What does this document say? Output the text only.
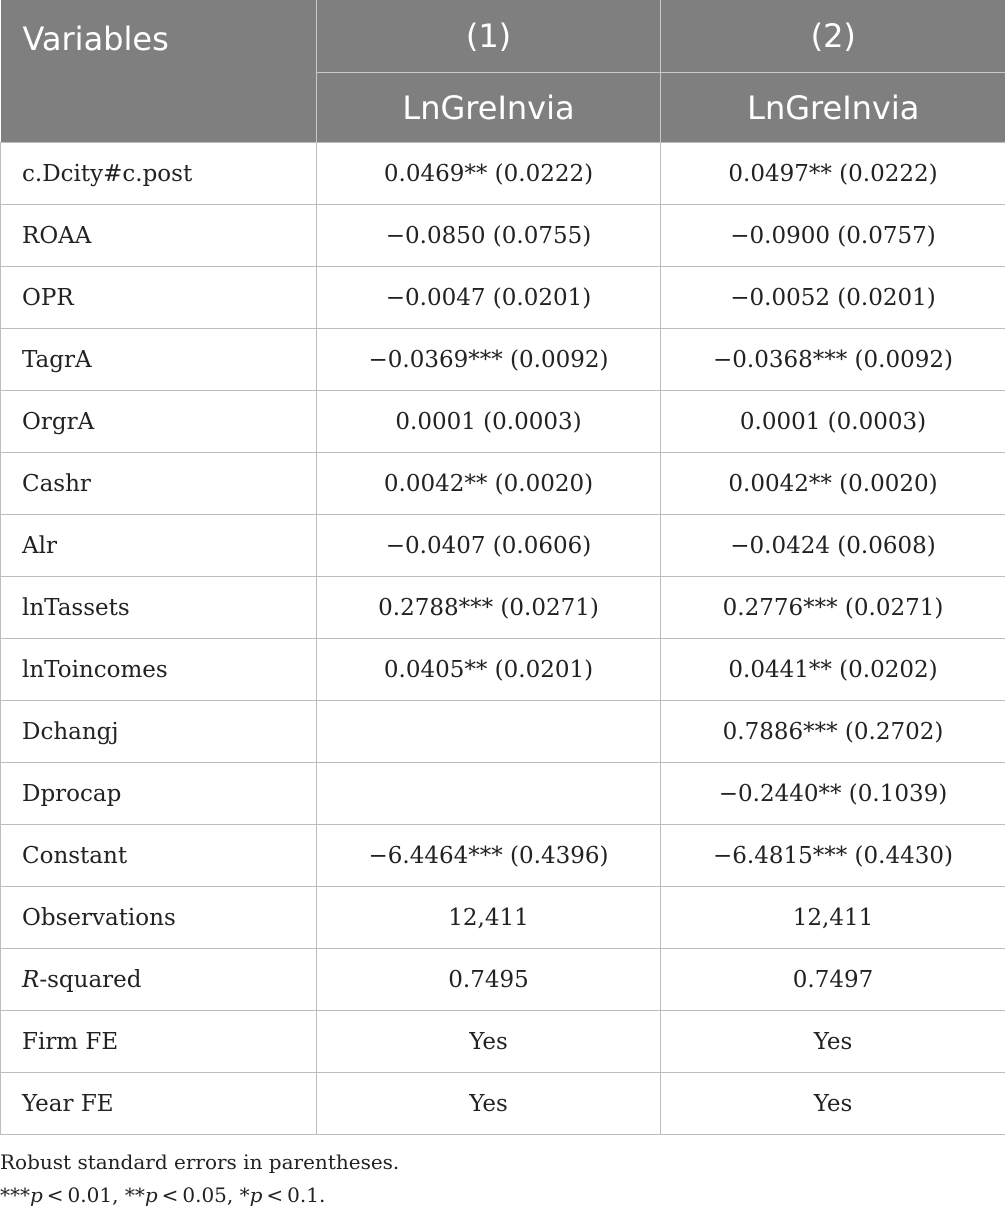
Variables	(1)	(2)
	LnGreInvia	LnGreInvia
c.Dcity#c.post	0.0469** (0.0222)	0.0497** (0.0222)
ROAA	−0.0850 (0.0755)	−0.0900 (0.0757)
OPR	−0.0047 (0.0201)	−0.0052 (0.0201)
TagrA	−0.0369*** (0.0092)	−0.0368*** (0.0092)
OrgrA	0.0001 (0.0003)	0.0001 (0.0003)
Cashr	0.0042** (0.0020)	0.0042** (0.0020)
Alr	−0.0407 (0.0606)	−0.0424 (0.0608)
lnTassets	0.2788*** (0.0271)	0.2776*** (0.0271)
lnToincomes	0.0405** (0.0201)	0.0441** (0.0202)
Dchangj		0.7886*** (0.2702)
Dprocap		−0.2440** (0.1039)
Constant	−6.4464*** (0.4396)	−6.4815*** (0.4430)
Observations	12,411	12,411
R-squared	0.7495	0.7497
Firm FE	Yes	Yes
Year FE	Yes	Yes
Robust standard errors in parentheses.
***p < 0.01, **p < 0.05, *p < 0.1.
